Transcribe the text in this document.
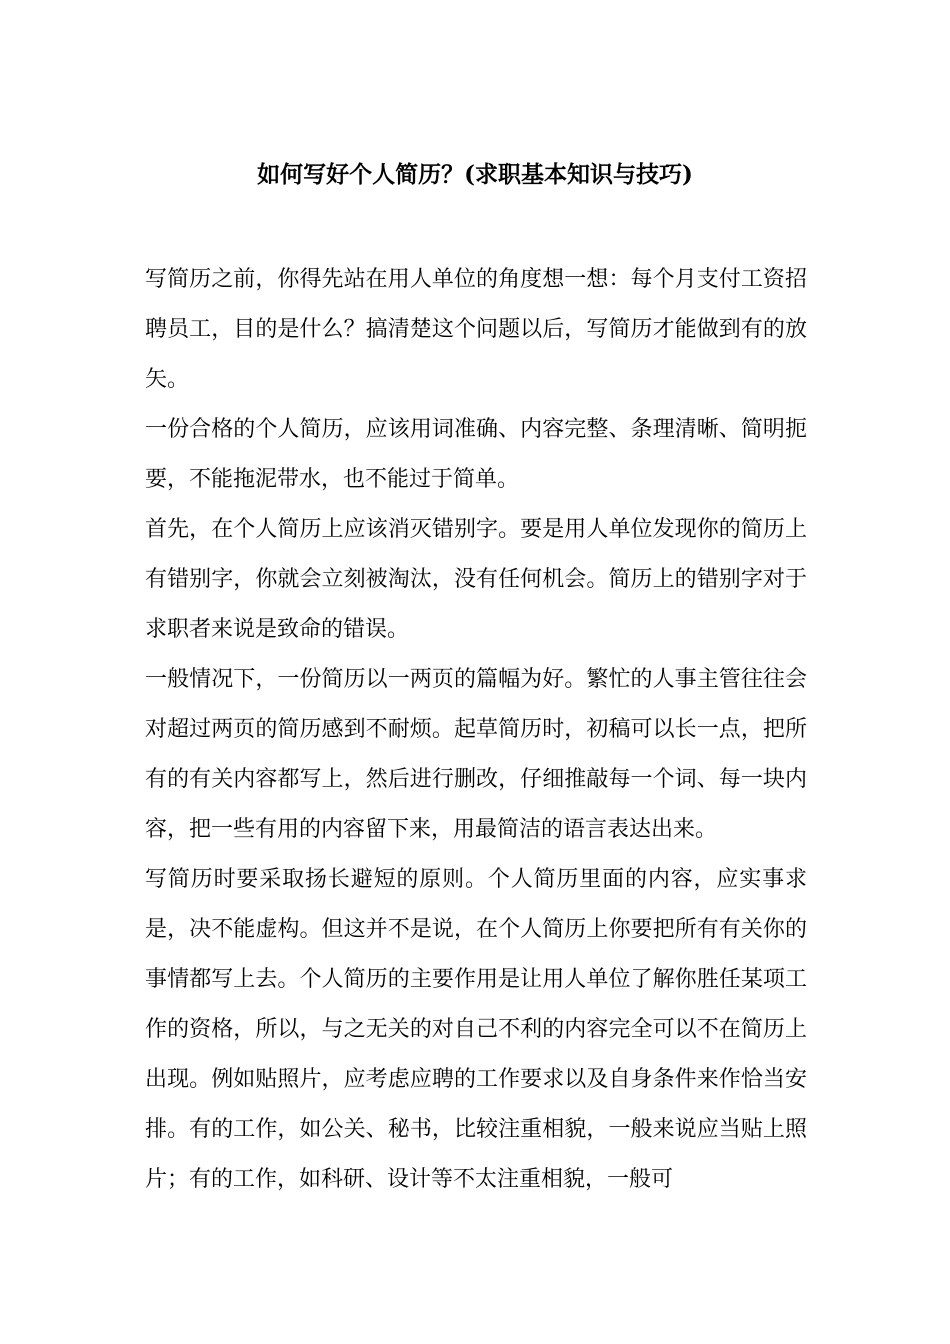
如何写好个人简历？(求职基本知识与技巧)

写简历之前，你得先站在用人单位的角度想一想：每个月支付工资招聘员工，目的是什么？搞清楚这个问题以后，写简历才能做到有的放矢。

一份合格的个人简历，应该用词准确、内容完整、条理清晰、简明扼要，不能拖泥带水，也不能过于简单。

首先，在个人简历上应该消灭错别字。要是用人单位发现你的简历上有错别字，你就会立刻被淘汰，没有任何机会。简历上的错别字对于求职者来说是致命的错误。

一般情况下，一份简历以一两页的篇幅为好。繁忙的人事主管往往会对超过两页的简历感到不耐烦。起草简历时，初稿可以长一点，把所有的有关内容都写上，然后进行删改，仔细推敲每一个词、每一块内容，把一些有用的内容留下来，用最简洁的语言表达出来。

写简历时要采取扬长避短的原则。个人简历里面的内容，应实事求是，决不能虚构。但这并不是说，在个人简历上你要把所有有关你的事情都写上去。个人简历的主要作用是让用人单位了解你胜任某项工作的资格，所以，与之无关的对自己不利的内容完全可以不在简历上出现。例如贴照片，应考虑应聘的工作要求以及自身条件来作恰当安排。有的工作，如公关、秘书，比较注重相貌，一般来说应当贴上照片；有的工作，如科研、设计等不太注重相貌，一般可
